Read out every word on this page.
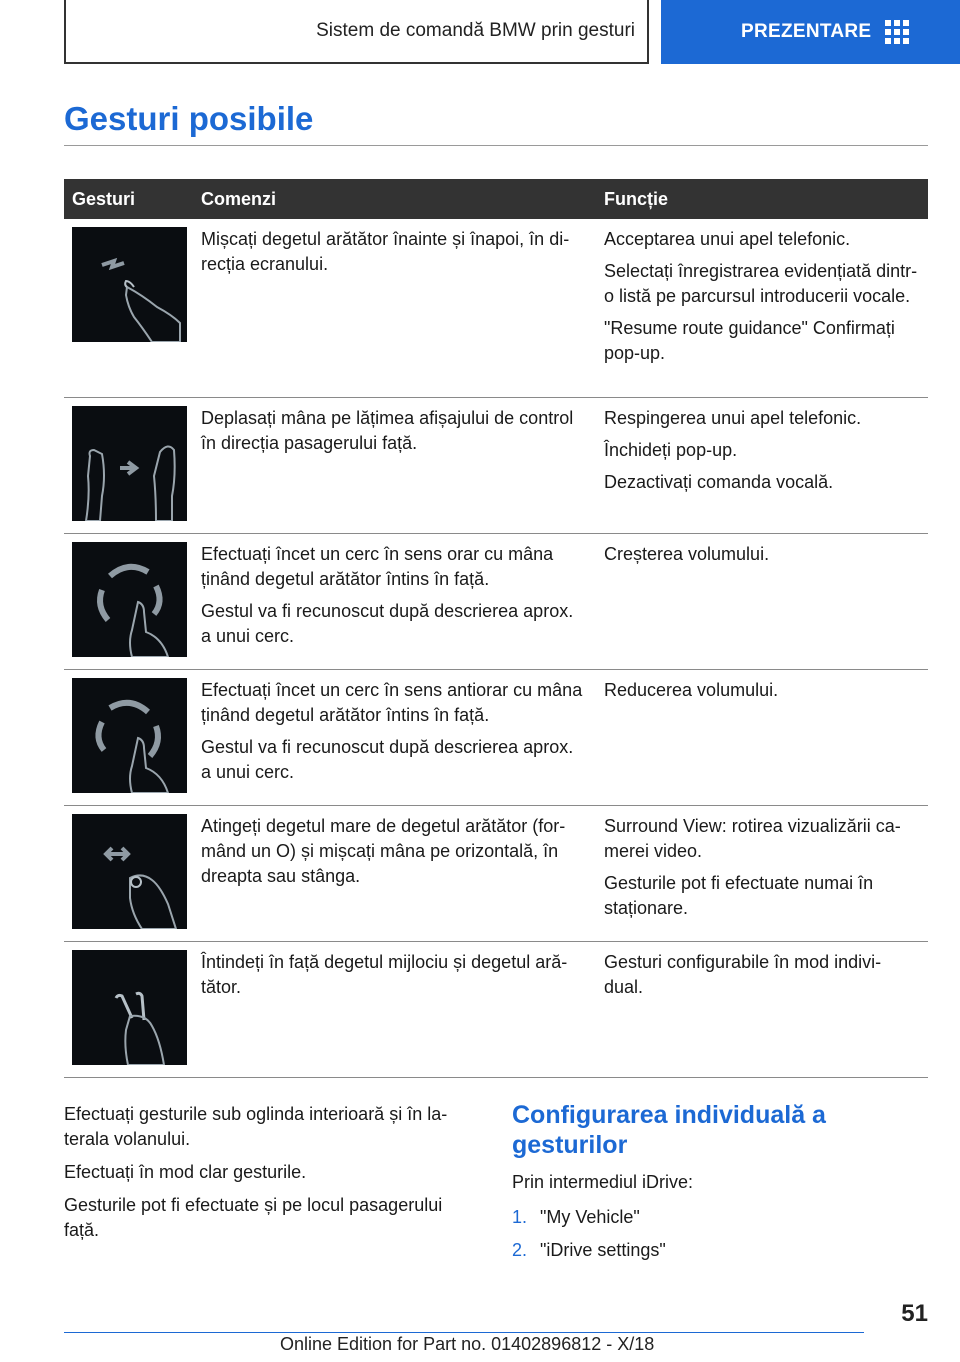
Sistem de comandă BMW prin gesturi	PREZENTARE
Gesturi posibile
Gesturi	Comenzi	Funcție

Mișcați degetul arătător înainte și înapoi, în di-recția ecranului.	Acceptarea unui apel telefonic.

Selectați înregistrarea evidențiată dintr-o listă pe parcursul introducerii vocale.

"Resume route guidance" Confirmați pop-up.

Deplasați mâna pe lățimea afișajului de control în direcția pasagerului față.	Respingerea unui apel telefonic.

Închideți pop-up.

Dezactivați comanda vocală.

Efectuați încet un cerc în sens orar cu mâna ținând degetul arătător întins în față.

Gestul va fi recunoscut după descrierea aprox. a unui cerc.	Creșterea volumului.

Efectuați încet un cerc în sens antiorar cu mâna ținând degetul arătător întins în față.

Gestul va fi recunoscut după descrierea aprox. a unui cerc.	Reducerea volumului.

Atingeți degetul mare de degetul arătător (for-mând un O) și mișcați mâna pe orizontală, în dreapta sau stânga.	Surround View: rotirea vizualizării ca-merei video.

Gesturile pot fi efectuate numai în staționare.

Întindeți în față degetul mijlociu și degetul ară-tător.	Gesturi configurabile în mod indivi-dual.

Efectuați gesturile sub oglinda interioară și în la-terala volanului.

Efectuați în mod clar gesturile.

Gesturile pot fi efectuate și pe locul pasagerului față.

Configurarea individuală a gesturilor

Prin intermediul iDrive:

1. "My Vehicle"
2. "iDrive settings"
51
Online Edition for Part no. 01402896812 - X/18
